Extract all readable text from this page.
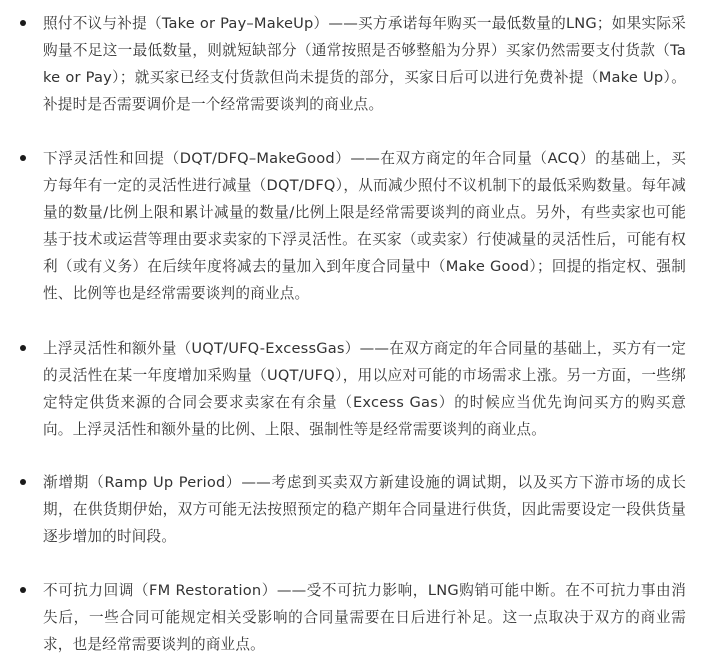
照付不议与补提（Take or Pay–MakeUp）——买方承诺每年购买一最低数量的LNG；如果实际采购量不足这一最低数量，则就短缺部分（通常按照是否够整船为分界）买家仍然需要支付货款（Take or Pay）；就买家已经支付货款但尚未提货的部分，买家日后可以进行免费补提（Make Up）。补提时是否需要调价是一个经常需要谈判的商业点。
下浮灵活性和回提（DQT/DFQ–MakeGood）——在双方商定的年合同量（ACQ）的基础上，买方每年有一定的灵活性进行减量（DQT/DFQ），从而减少照付不议机制下的最低采购数量。每年减量的数量/比例上限和累计减量的数量/比例上限是经常需要谈判的商业点。另外，有些卖家也可能基于技术或运营等理由要求卖家的下浮灵活性。在买家（或卖家）行使减量的灵活性后，可能有权利（或有义务）在后续年度将减去的量加入到年度合同量中（Make Good）；回提的指定权、强制性、比例等也是经常需要谈判的商业点。
上浮灵活性和额外量（UQT/UFQ-ExcessGas）——在双方商定的年合同量的基础上，买方有一定的灵活性在某一年度增加采购量（UQT/UFQ），用以应对可能的市场需求上涨。另一方面，一些绑定特定供货来源的合同会要求卖家在有余量（Excess Gas）的时候应当优先询问买方的购买意向。上浮灵活性和额外量的比例、上限、强制性等是经常需要谈判的商业点。
渐增期（Ramp Up Period）——考虑到买卖双方新建设施的调试期，以及买方下游市场的成长期，在供货期伊始，双方可能无法按照预定的稳产期年合同量进行供货，因此需要设定一段供货量逐步增加的时间段。
不可抗力回调（FM Restoration）——受不可抗力影响，LNG购销可能中断。在不可抗力事由消失后，一些合同可能规定相关受影响的合同量需要在日后进行补足。这一点取决于双方的商业需求，也是经常需要谈判的商业点。
